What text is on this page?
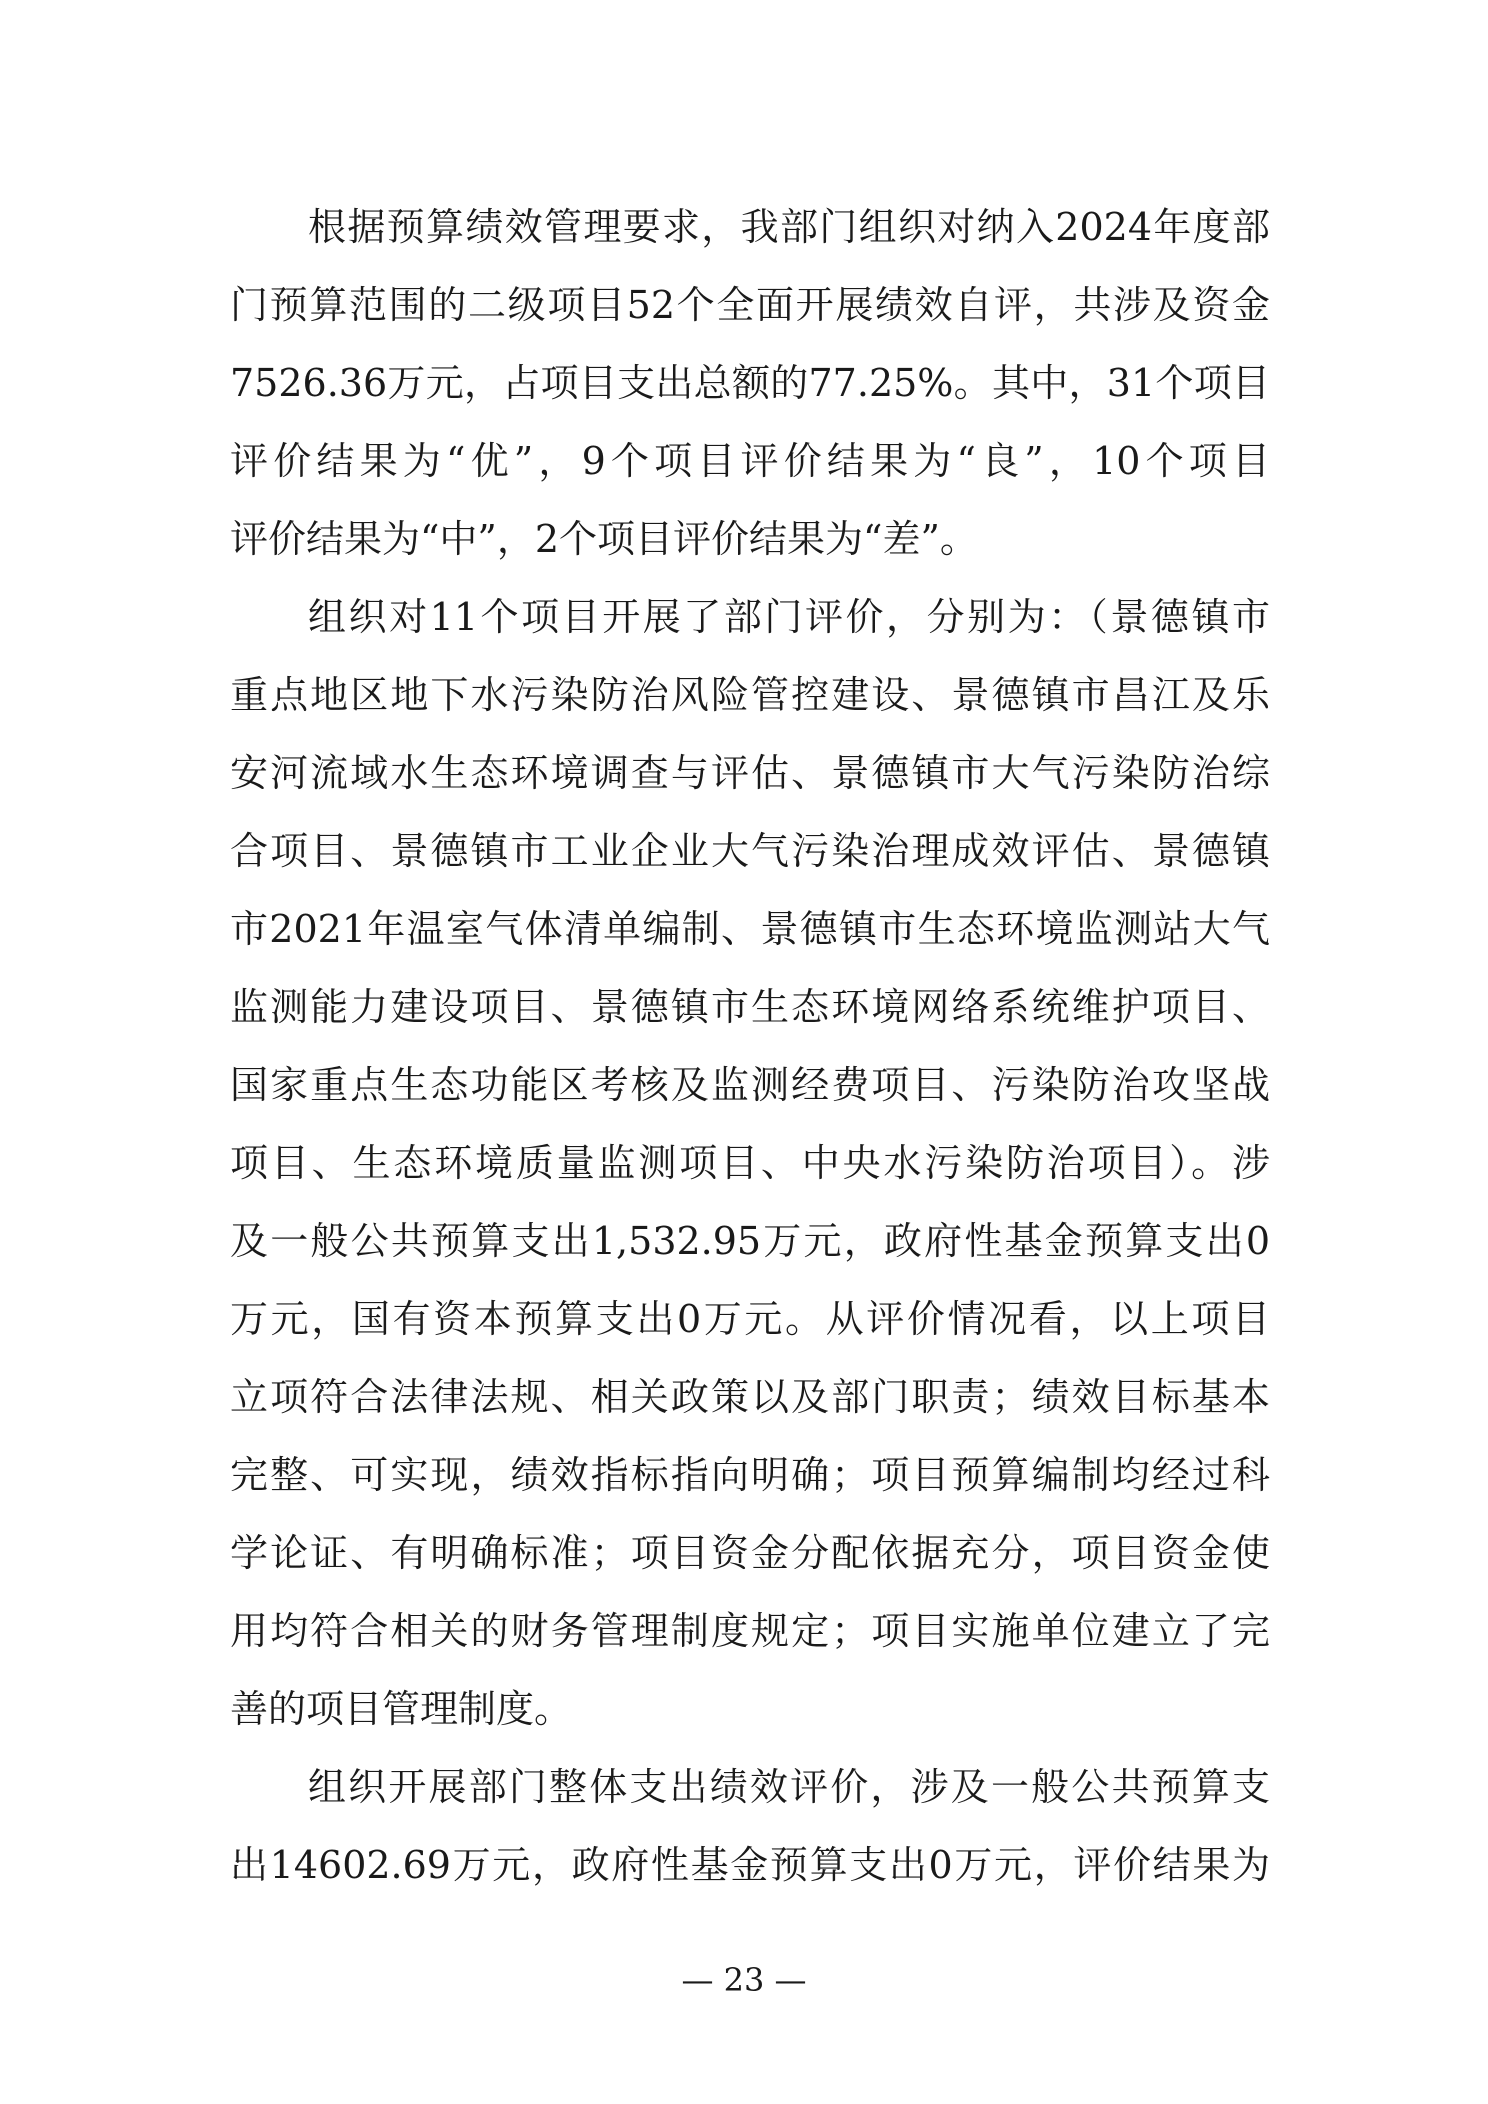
根据预算绩效管理要求，我部门组织对纳入2024年度部
门预算范围的二级项目52个全面开展绩效自评，共涉及资金
7526.36万元，占项目支出总额的77.25%。其中，31个项目
评价结果为“优”，9个项目评价结果为“良”，10个项目
评价结果为“中”，2个项目评价结果为“差”。
组织对11个项目开展了部门评价，分别为：（景德镇市
重点地区地下水污染防治风险管控建设、景德镇市昌江及乐
安河流域水生态环境调查与评估、景德镇市大气污染防治综
合项目、景德镇市工业企业大气污染治理成效评估、景德镇
市2021年温室气体清单编制、景德镇市生态环境监测站大气
监测能力建设项目、景德镇市生态环境网络系统维护项目、
国家重点生态功能区考核及监测经费项目、污染防治攻坚战
项目、生态环境质量监测项目、中央水污染防治项目）。涉
及一般公共预算支出1,532.95万元，政府性基金预算支出0
万元，国有资本预算支出0万元。从评价情况看，以上项目
立项符合法律法规、相关政策以及部门职责；绩效目标基本
完整、可实现，绩效指标指向明确；项目预算编制均经过科
学论证、有明确标准；项目资金分配依据充分，项目资金使
用均符合相关的财务管理制度规定；项目实施单位建立了完
善的项目管理制度。
组织开展部门整体支出绩效评价，涉及一般公共预算支
出14602.69万元，政府性基金预算支出0万元，评价结果为
— 23 —
